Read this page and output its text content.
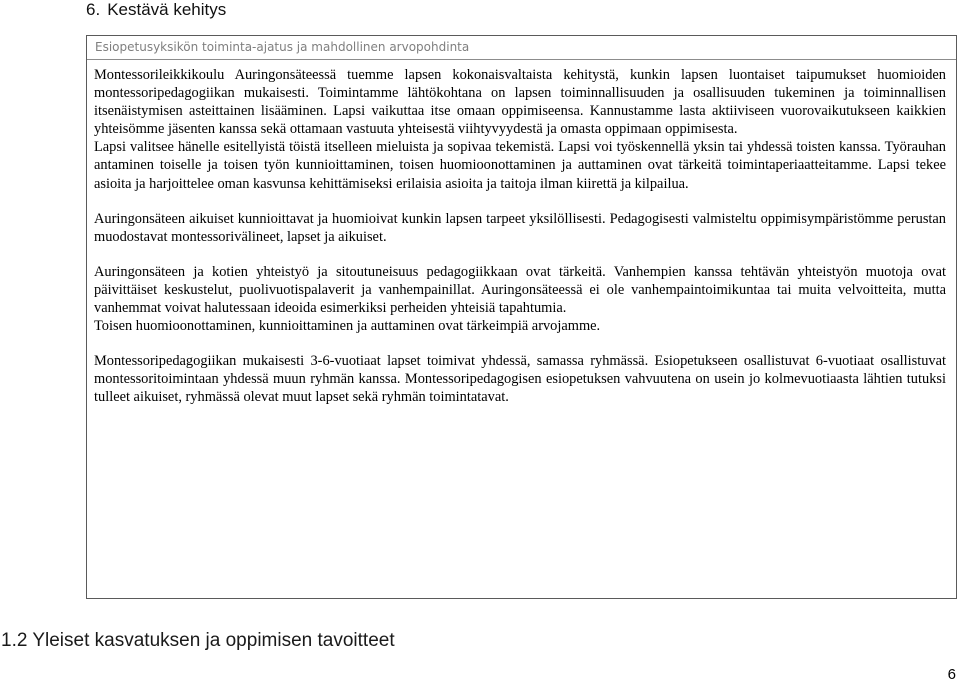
6. Kestävä kehitys
Esiopetusyksikön toiminta-ajatus ja mahdollinen arvopohdinta

Montessorileikkikoulu Auringonsäteessä tuemme lapsen kokonaisvaltaista kehitystä, kunkin lapsen luontaiset taipumukset huomioiden montessoripedagogiikan mukaisesti. Toimintamme lähtökohtana on lapsen toiminnallisuuden ja osallisuuden tukeminen ja toiminnallisen itsenäistymisen asteittainen lisääminen. Lapsi vaikuttaa itse omaan oppimiseensa. Kannustamme lasta aktiiviseen vuorovaikutukseen kaikkien yhteisömme jäsenten kanssa sekä ottamaan vastuuta yhteisestä viihtyvyydestä ja omasta oppimaan oppimisesta.

Lapsi valitsee hänelle esitellyistä töistä itselleen mieluista ja sopivaa tekemistä. Lapsi voi työskennellä yksin tai yhdessä toisten kanssa. Työrauhan antaminen toiselle ja toisen työn kunnioittaminen, toisen huomioonottaminen ja auttaminen ovat tärkeitä toimintaperiaatteitamme. Lapsi tekee asioita ja harjoittelee oman kasvunsa kehittämiseksi erilaisia asioita ja taitoja ilman kiirettä ja kilpailua.

Auringonsäteen aikuiset kunnioittavat ja huomioivat kunkin lapsen tarpeet yksilöllisesti. Pedagogisesti valmisteltu oppimisympäristömme perustan muodostavat montessorivälineet, lapset ja aikuiset.

Auringonsäteen ja kotien yhteistyö ja sitoutuneisuus pedagogiikkaan ovat tärkeitä. Vanhempien kanssa tehtävän yhteistyön muotoja ovat päivittäiset keskustelut, puolivuotispalaverit ja vanhempainillat. Auringonsäteessä ei ole vanhempaintoimikuntaa tai muita velvoitteita, mutta vanhemmat voivat halutessaan ideoida esimerkiksi perheiden yhteisiä tapahtumia.

Toisen huomioonottaminen, kunnioittaminen ja auttaminen ovat tärkeimpiä arvojamme.

Montessoripedagogiikan mukaisesti 3-6-vuotiaat lapset toimivat yhdessä, samassa ryhmässä. Esiopetukseen osallistuvat 6-vuotiaat osallistuvat montessoritoimintaan yhdessä muun ryhmän kanssa. Montessoripedagogisen esiopetuksen vahvuutena on usein jo kolmevuotiaasta lähtien tutuksi tulleet aikuiset, ryhmässä olevat muut lapset sekä ryhmän toimintatavat.

1.2 Yleiset kasvatuksen ja oppimisen tavoitteet
6
